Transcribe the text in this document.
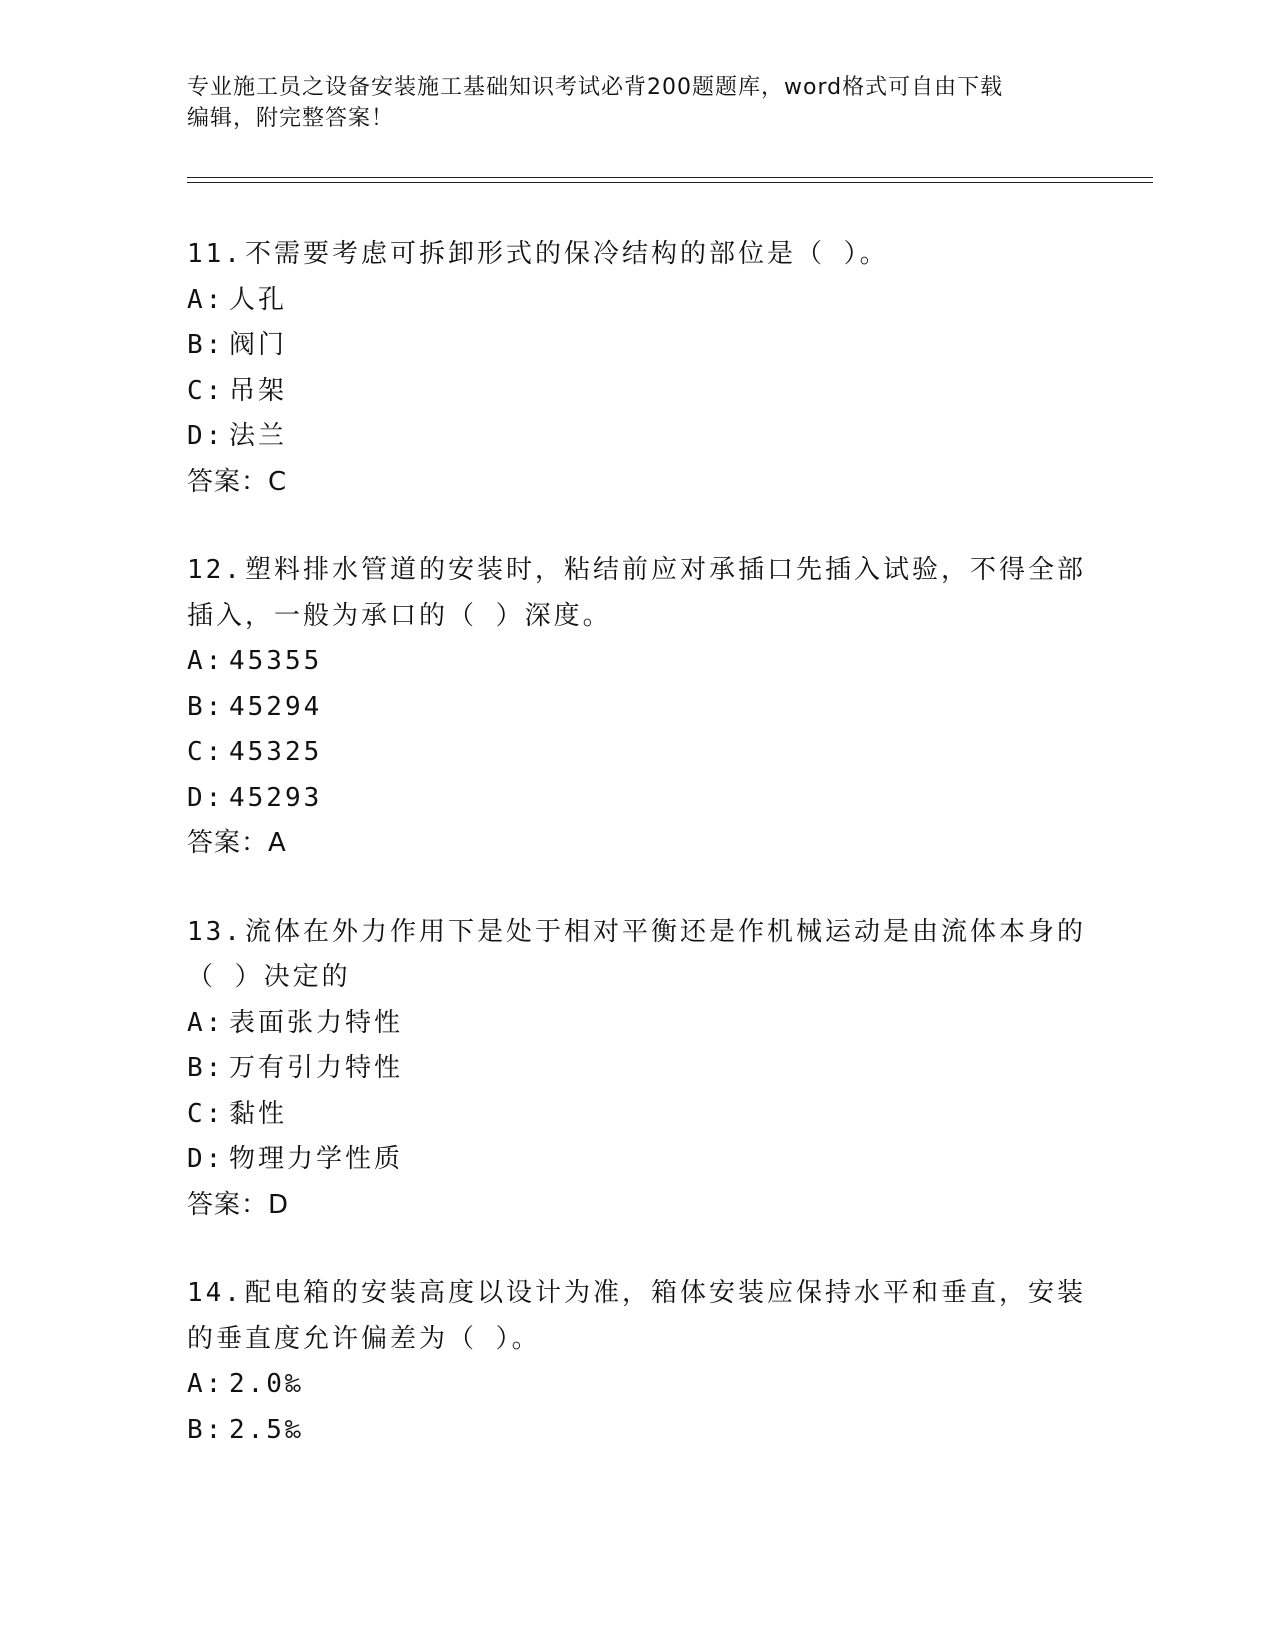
专业施工员之设备安装施工基础知识考试必背200题题库，word格式可自由下载
编辑，附完整答案！
11.不需要考虑可拆卸形式的保冷结构的部位是（ ）。
A: 人孔
B: 阀门
C: 吊架
D: 法兰
答案：C
12.塑料排水管道的安装时，粘结前应对承插口先插入试验，不得全部
插入，一般为承口的（ ）深度。
A: 45355
B: 45294
C: 45325
D: 45293
答案：A
13.流体在外力作用下是处于相对平衡还是作机械运动是由流体本身的
（ ）决定的
A: 表面张力特性
B: 万有引力特性
C: 黏性
D: 物理力学性质
答案：D
14.配电箱的安装高度以设计为准，箱体安装应保持水平和垂直，安装
的垂直度允许偏差为（ ）。
A: 2.0‰
B: 2.5‰
